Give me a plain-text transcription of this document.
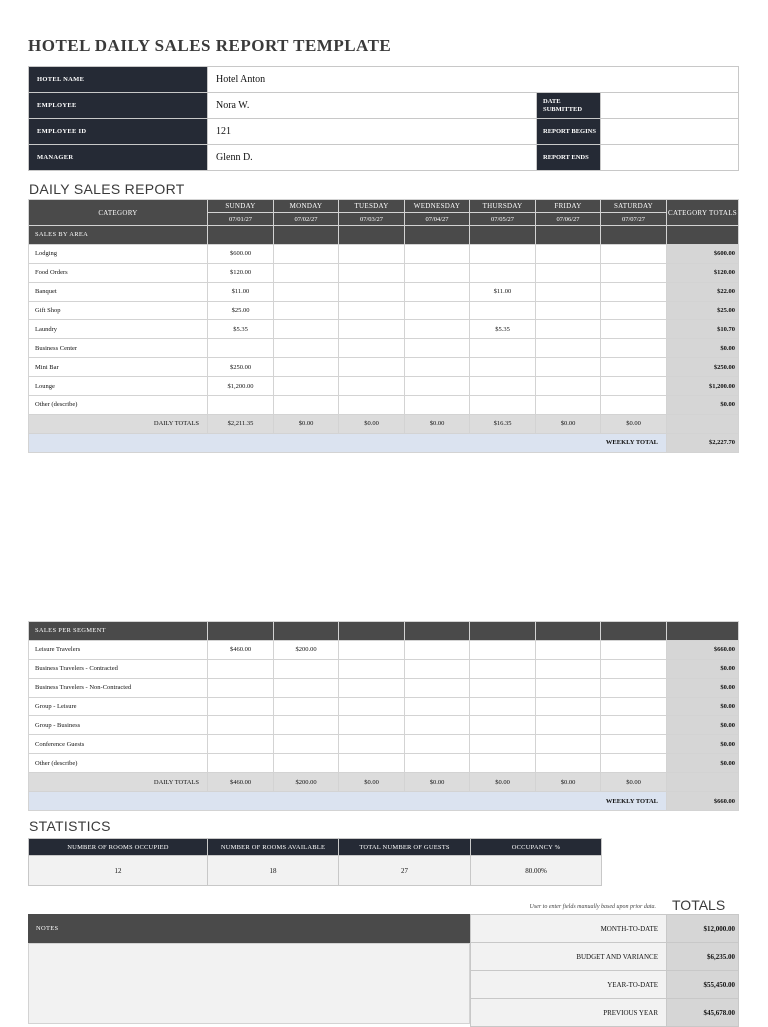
HOTEL DAILY SALES REPORT TEMPLATE
HOTEL NAME	Hotel Anton		
EMPLOYEE	Nora W.	DATE SUBMITTED	
EMPLOYEE ID	121	REPORT BEGINS	
MANAGER	Glenn D.	REPORT ENDS	
DAILY SALES REPORT
CATEGORY	SUNDAY	MONDAY	TUESDAY	WEDNESDAY	THURSDAY	FRIDAY	SATURDAY	CATEGORY TOTALS
	07/01/27	07/02/27	07/03/27	07/04/27	07/05/27	07/06/27	07/07/27	
SALES BY AREA								
Lodging	$600.00							$600.00
Food Orders	$120.00							$120.00
Banquet	$11.00				$11.00			$22.00
Gift Shop	$25.00							$25.00
Laundry	$5.35				$5.35			$10.70
Business Center								$0.00
Mini Bar	$250.00							$250.00
Lounge	$1,200.00							$1,200.00
Other (describe)								$0.00
DAILY TOTALS	$2,211.35	$0.00	$0.00	$0.00	$16.35	$0.00	$0.00	
WEEKLY TOTAL								$2,227.70
SALES PER SEGMENT								
Leisure Travelers	$460.00	$200.00						$660.00
Business Travelers - Contracted								$0.00
Business Travelers - Non-Contracted								$0.00
Group - Leisure								$0.00
Group - Business								$0.00
Conference Guests								$0.00
Other (describe)								$0.00
DAILY TOTALS	$460.00	$200.00	$0.00	$0.00	$0.00	$0.00	$0.00	
WEEKLY TOTAL								$660.00
STATISTICS
NUMBER OF ROOMS OCCUPIED	NUMBER OF ROOMS AVAILABLE	TOTAL NUMBER OF GUESTS	OCCUPANCY %
12	18	27	80.00%
User to enter fields manually based upon prior data. TOTALS
NOTES	MONTH-TO-DATE	$12,000.00
BUDGET AND VARIANCE	$6,235.00
YEAR-TO-DATE	$55,450.00
PREVIOUS YEAR	$45,678.00
